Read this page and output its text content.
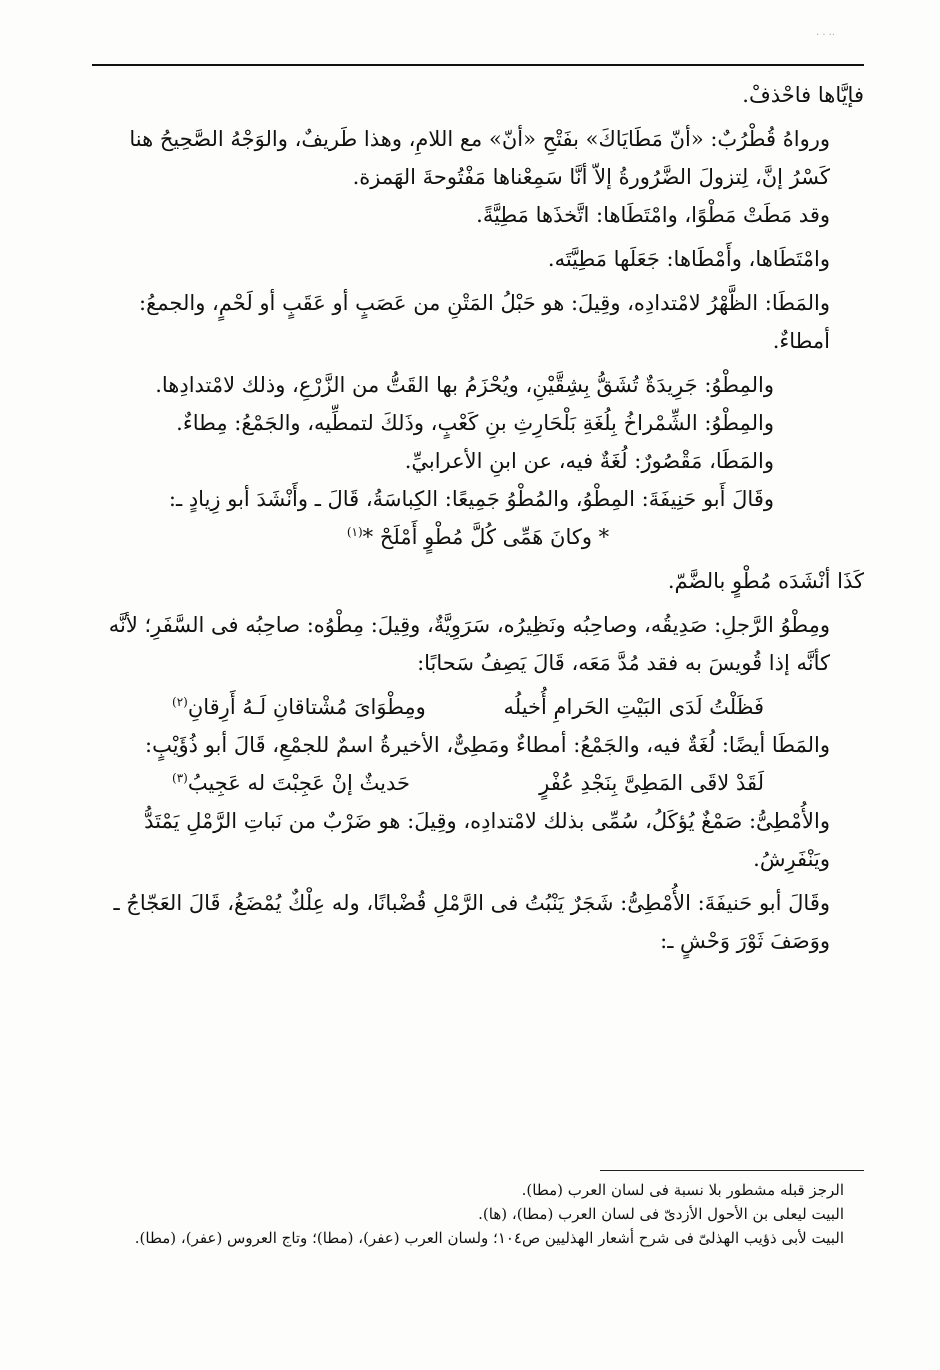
· · ··

فإيَّاها فاحْذفْ.

ورواهُ قُطْرُبٌ: «أنّ مَطَايَاكَ» بفَتْحِ «أنّ» مع اللامِ، وهذا طَريفٌ، والوَجْهُ الصَّحِيحُ هنا كَسْرُ إنَّ، لِتزولَ الضَّرُورةُ إلاّ أنَّا سَمِعْناها مَفْتُوحةَ الهَمزة.

وقد مَطَتْ مَطْوًا، وامْتَطَاها: اتَّخذَها مَطِيَّةً.

وامْتَطَاها، وأَمْطَاها: جَعَلَها مَطِيَّتَه.

والمَطَا: الظَّهْرُ لامْتدادِه، وقِيلَ: هو حَبْلُ المَتْنِ من عَصَبٍ أو عَقَبٍ أو لَحْمٍ، والجمعُ: أمطاءٌ.

والمِطْوُ: جَرِيدَةٌ تُشَقُّ بِشِقَّيْنِ، ويُحْزَمُ بها القَتُّ من الزَّرْعِ، وذلك لامْتدادِها.

والمِطْوُ: الشِّمْراخُ بِلُغَةِ بَلْحَارِثِ بنِ كَعْبٍ، وذَلكَ لتمطِّيه، والجَمْعُ: مِطاءٌ.

والمَطَا، مَقْصُورٌ: لُغَةٌ فيه، عن ابنِ الأعرابيِّ.

وقَالَ أَبو حَنِيفَةَ: المِطْوُ، والمُطْوُ جَمِيعًا: الكِباسَةُ، قَالَ ـ وأَنْشَدَ أبو زِيادٍ ـ:

* وكانَ هَمِّى كُلَّ مُطْوٍ أَمْلَحْ *$^{(١)}$

كَذَا أنْشَدَه مُطْوٍ بالضَّمّ.

ومِطْوُ الرَّجلِ: صَدِيقُه، وصاحِبُه ونَظِيرُه، سَرَوِيَّةٌ، وقِيلَ: مِطْوُه: صاحِبُه فى السَّفَرِ؛ لأنَّه كأنَّه إذا قُويسَ به فقد مُدَّ مَعَه، قَالَ يَصِفُ سَحابًا:

فَظَلْتُ لَدَى البَيْتِ الحَرامِ أُخيلُه
ومِطْوَاىَ مُشْتاقانِ لَـهُ أَرِقانِ$^{(٢)}$

والمَطَا أيضًا: لُغَةٌ فيه، والجَمْعُ: أمطاءٌ ومَطِىٌّ، الأخيرةُ اسمٌ للجمْعِ، قَالَ أبو ذُؤَيْبٍ:

لَقَدْ لاقَى المَطِىَّ بِنَجْدِ عُفْرٍ
حَديثٌ إنْ عَجِبْتَ له عَجِيبُ$^{(٣)}$

والأُمْطِىُّ: صَمْغٌ يُؤكَلُ، سُمِّى بذلك لامْتدادِه، وقِيلَ: هو ضَرْبٌ من نَباتِ الرَّمْلِ يَمْتَدُّ ويَنْفَرِشُ.

وقَالَ أبو حَنيفَةَ: الأُمْطِىُّ: شَجَرٌ يَنْبُتُ فى الرَّمْلِ قُضْبانًا، وله عِلْكٌ يُمْضَغُ، قَالَ العَجّاجُ ـ ووَصَفَ ثَوْرَ وَحْشٍ ـ:

الرجز قبله مشطور بلا نسبة فى لسان العرب (مطا).

البيت ليعلى بن الأحول الأزدىّ فى لسان العرب (مطا)، (ها).

البيت لأبى ذؤيب الهذلىّ فى شرح أشعار الهذليين ص١٠٤؛ ولسان العرب (عفر)، (مطا)؛ وتاج العروس (عفر)، (مطا).
